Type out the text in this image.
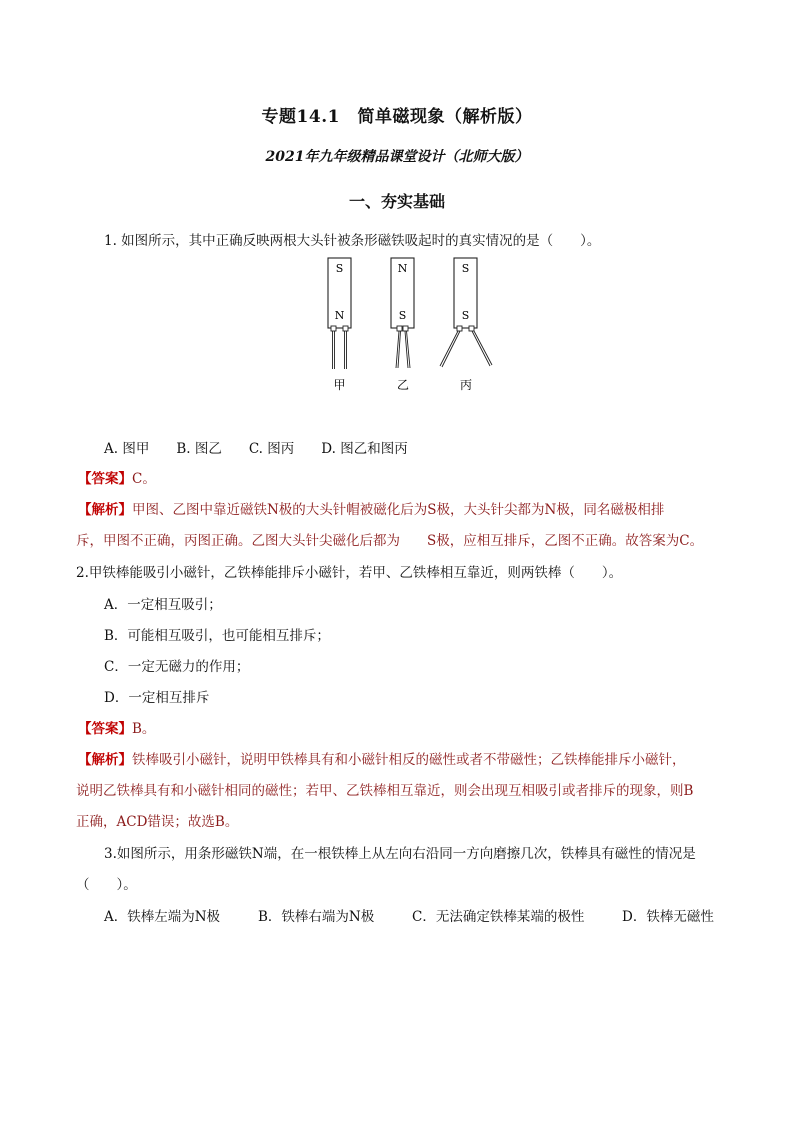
专题14.1　简单磁现象（解析版）
2021年九年级精品课堂设计（北师大版）
一、夯实基础
1. 如图所示，其中正确反映两根大头针被条形磁铁吸起时的真实情况的是（　　）。
S
N
甲
N
S
乙
S
S
丙
A. 图甲　　B. 图乙　　C. 图丙　　D. 图乙和图丙
【答案】C。
【解析】甲图、乙图中靠近磁铁N极的大头针帽被磁化后为S极，大头针尖都为N极，同名磁极相排
斥，甲图不正确，丙图正确。乙图大头针尖磁化后都为　　S极，应相互排斥，乙图不正确。故答案为C。
2.甲铁棒能吸引小磁针，乙铁棒能排斥小磁针，若甲、乙铁棒相互靠近，则两铁棒（　　）。
A．一定相互吸引；
B．可能相互吸引，也可能相互排斥；
C．一定无磁力的作用；
D．一定相互排斥
【答案】B。
【解析】铁棒吸引小磁针，说明甲铁棒具有和小磁针相反的磁性或者不带磁性；乙铁棒能排斥小磁针，
说明乙铁棒具有和小磁针相同的磁性；若甲、乙铁棒相互靠近，则会出现互相吸引或者排斥的现象，则B
正确，ACD错误；故选B。
3.如图所示，用条形磁铁N端，在一根铁棒上从左向右沿同一方向磨擦几次，铁棒具有磁性的情况是
（　　）。
A．铁棒左端为N极	B．铁棒右端为N极	C．无法确定铁棒某端的极性	D．铁棒无磁性
